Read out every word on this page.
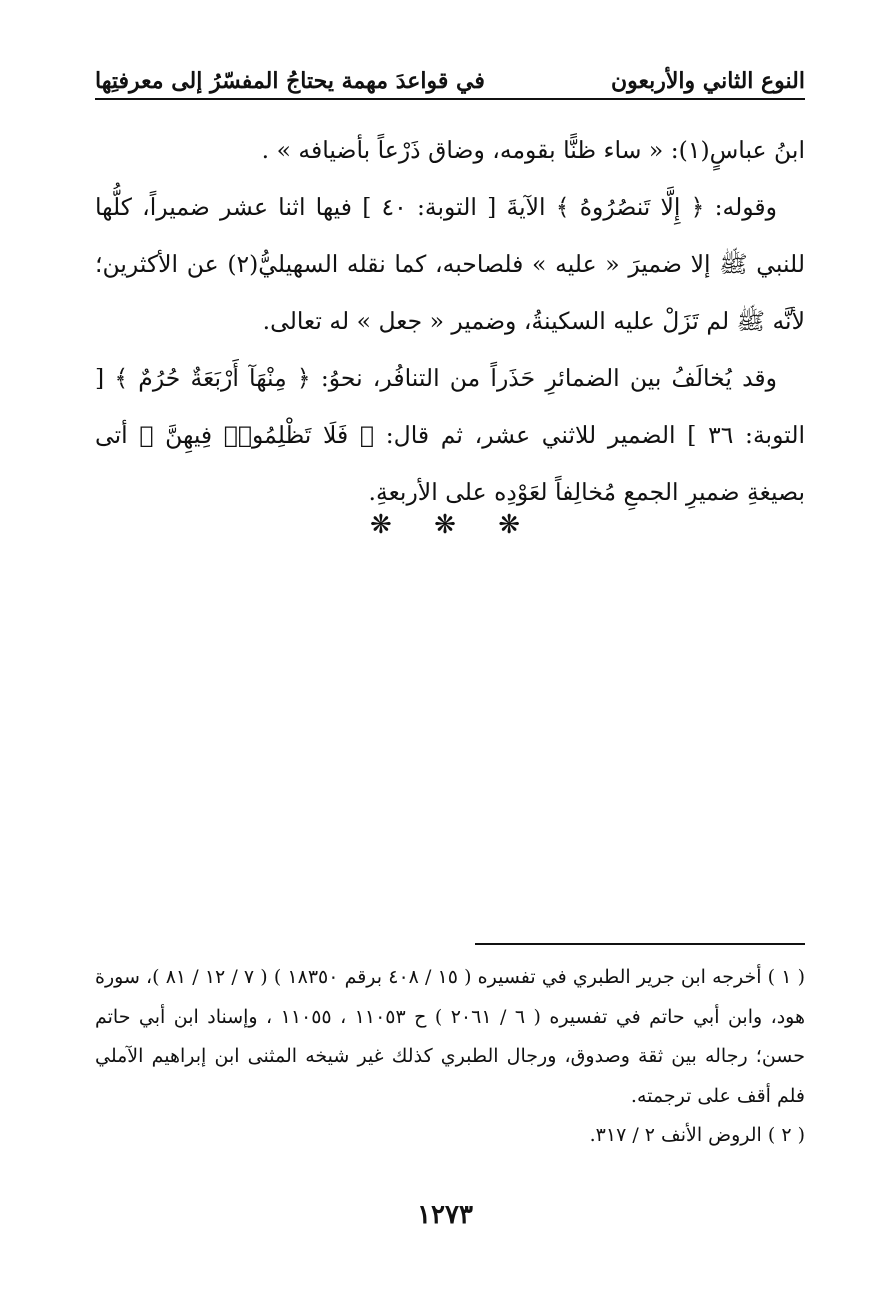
النوع الثاني والأربعون
في قواعدَ مهمة يحتاجُ المفسّرُ إلى معرفتِها

ابنُ عباسٍ(١): « ساء ظنًّا بقومه، وضاق ذَرْعاً بأضيافه » .

وقوله: ﴿ إِلَّا تَنصُرُوهُ ﴾ الآيةَ [ التوبة: ٤٠ ] فيها اثنا عشر ضميراً، كلُّها للنبي ﷺ إلا ضميرَ « عليه » فلصاحبه، كما نقله السهيليُّ(٢) عن الأكثرين؛ لأنَّه ﷺ لم تَزَلْ عليه السكينةُ، وضمير « جعل » له تعالى.

وقد يُخالَفُ بين الضمائرِ حَذَراً من التنافُر، نحوُ: ﴿ مِنْهَآ أَرْبَعَةٌ حُرُمٌ ﴾ [ التوبة: ٣٦ ] الضمير للاثني عشر، ثم قال: ﴿ فَلَا تَظْلِمُوا۟ فِيهِنَّ ﴾ أتى بصيغةِ ضميرِ الجمعِ مُخالِفاً لعَوْدِه على الأربعةِ.

❋ ❋ ❋

( ١ ) أخرجه ابن جرير الطبري في تفسيره ( ١٥ / ٤٠٨ برقم ١٨٣٥٠ ) ( ٧ / ١٢ / ٨١ )، سورة هود، وابن أبي حاتم في تفسيره ( ٦ / ٢٠٦١ ) ح ١١٠٥٣ ، ١١٠٥٥ ، وإسناد ابن أبي حاتم حسن؛ رجاله بين ثقة وصدوق، ورجال الطبري كذلك غير شيخه المثنى ابن إبراهيم الآملي فلم أقف على ترجمته.

( ٢ ) الروض الأنف ٢ / ٣١٧.

١٢٧٣
